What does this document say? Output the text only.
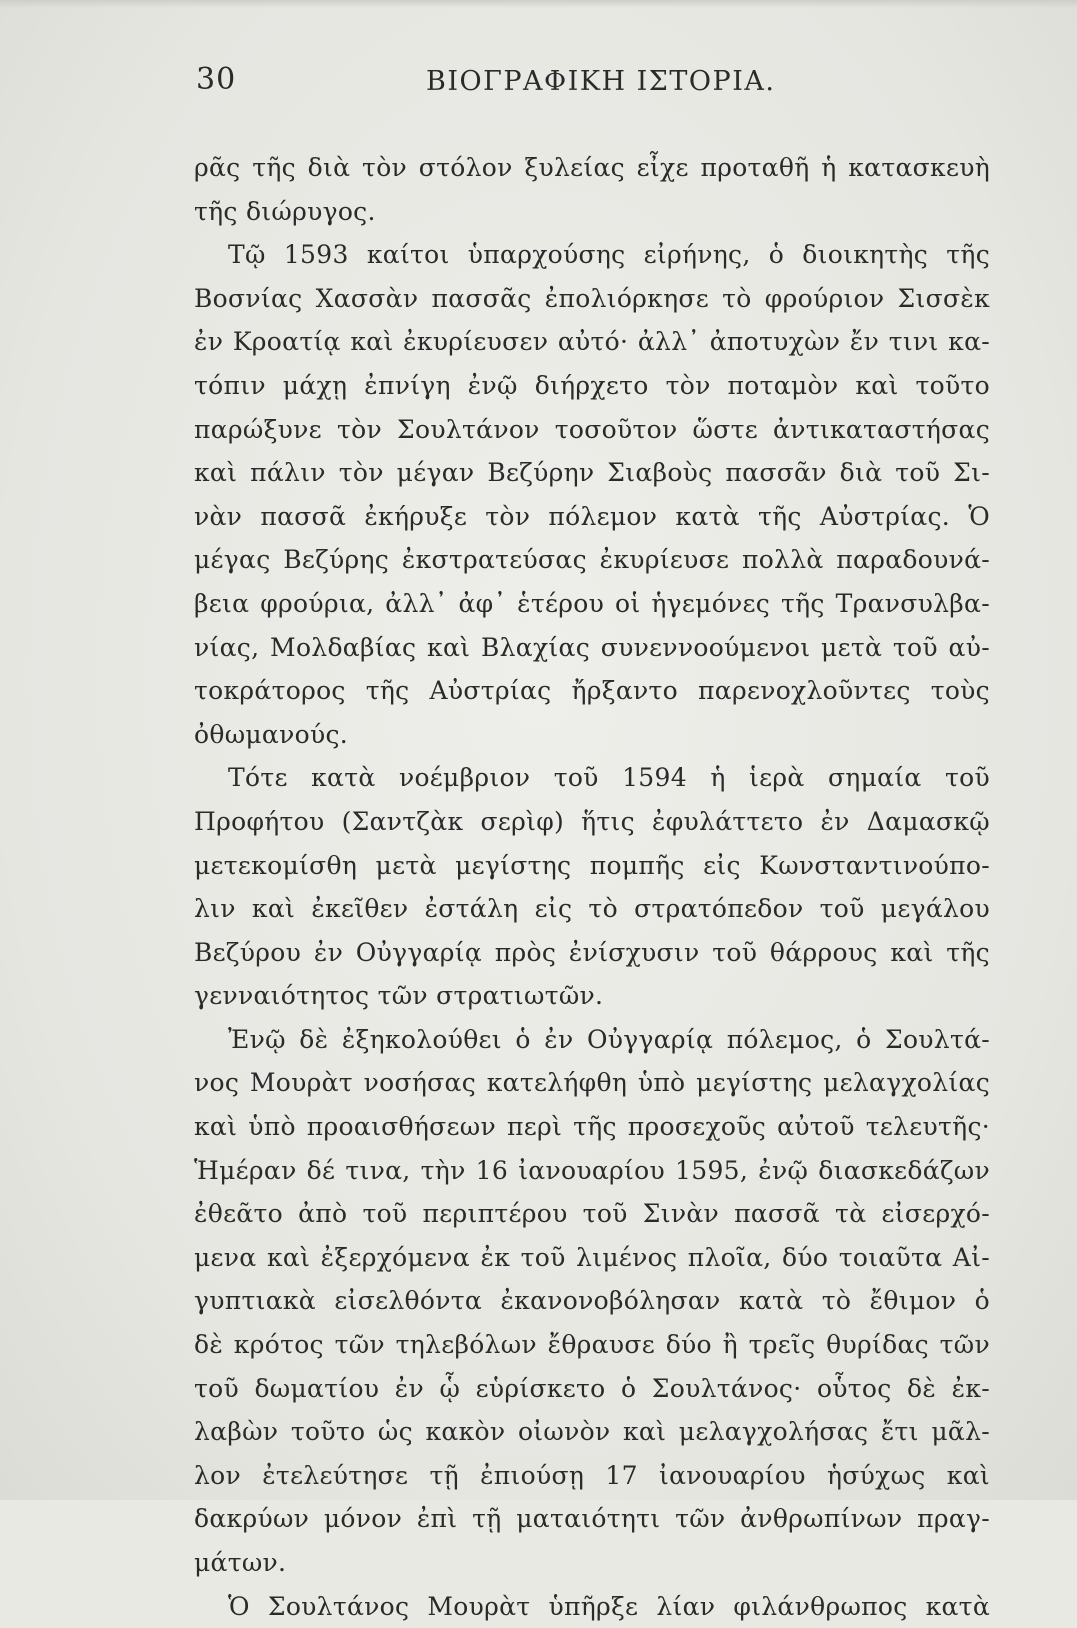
30	ΒΙΟΓΡΑΦΙΚΗ ΙΣΤΟΡΙΑ.
ρᾶς τῆς διὰ τὸν στόλον ξυλείας εἶχε προταθῆ ἡ κατασκευὴ
τῆς διώρυγος.
Τῷ 1593 καίτοι ὑπαρχούσης εἰρήνης, ὁ διοικητὴς τῆς
Βοσνίας Χασσὰν πασσᾶς ἐπολιόρκησε τὸ φρούριον Σισσὲκ
ἐν Κροατίᾳ καὶ ἐκυρίευσεν αὐτό· ἀλλ᾽ ἀποτυχὼν ἔν τινι κα-
τόπιν μάχῃ ἐπνίγη ἐνῷ διήρχετο τὸν ποταμὸν καὶ τοῦτο
παρώξυνε τὸν Σουλτάνον τοσοῦτον ὥστε ἀντικαταστήσας
καὶ πάλιν τὸν μέγαν Βεζύρην Σιαβοὺς πασσᾶν διὰ τοῦ Σι-
νὰν πασσᾶ ἐκήρυξε τὸν πόλεμον κατὰ τῆς Αὐστρίας. Ὁ
μέγας Βεζύρης ἐκστρατεύσας ἐκυρίευσε πολλὰ παραδουνά-
βεια φρούρια, ἀλλ᾽ ἀφ᾽ ἑτέρου οἱ ἡγεμόνες τῆς Τρανσυλβα-
νίας, Μολδαβίας καὶ Βλαχίας συνεννοούμενοι μετὰ τοῦ αὐ-
τοκράτορος τῆς Αὐστρίας ἤρξαντο παρενοχλοῦντες τοὺς
ὀθωμανούς.
Τότε κατὰ νοέμβριον τοῦ 1594 ἡ ἱερὰ σημαία τοῦ
Προφήτου (Σαντζὰκ σερὶφ) ἥτις ἐφυλάττετο ἐν Δαμασκῷ
μετεκομίσθη μετὰ μεγίστης πομπῆς εἰς Κωνσταντινούπο-
λιν καὶ ἐκεῖθεν ἐστάλη εἰς τὸ στρατόπεδον τοῦ μεγάλου
Βεζύρου ἐν Οὐγγαρίᾳ πρὸς ἐνίσχυσιν τοῦ θάρρους καὶ τῆς
γενναιότητος τῶν στρατιωτῶν.
Ἐνῷ δὲ ἐξηκολούθει ὁ ἐν Οὐγγαρίᾳ πόλεμος, ὁ Σουλτά-
νος Μουρὰτ νοσήσας κατελήφθη ὑπὸ μεγίστης μελαγχολίας
καὶ ὑπὸ προαισθήσεων περὶ τῆς προσεχοῦς αὐτοῦ τελευτῆς·
Ἡμέραν δέ τινα, τὴν 16 ἰανουαρίου 1595, ἐνῷ διασκεδάζων
ἐθεᾶτο ἀπὸ τοῦ περιπτέρου τοῦ Σινὰν πασσᾶ τὰ εἰσερχό-
μενα καὶ ἐξερχόμενα ἐκ τοῦ λιμένος πλοῖα, δύο τοιαῦτα Αἰ-
γυπτιακὰ εἰσελθόντα ἐκανονοβόλησαν κατὰ τὸ ἔθιμον ὁ
δὲ κρότος τῶν τηλεβόλων ἔθραυσε δύο ἢ τρεῖς θυρίδας τῶν
τοῦ δωματίου ἐν ᾧ εὑρίσκετο ὁ Σουλτάνος· οὗτος δὲ ἐκ-
λαβὼν τοῦτο ὡς κακὸν οἰωνὸν καὶ μελαγχολήσας ἔτι μᾶλ-
λον ἐτελεύτησε τῇ ἐπιούσῃ 17 ἰανουαρίου ἡσύχως καὶ
δακρύων μόνον ἐπὶ τῇ ματαιότητι τῶν ἀνθρωπίνων πραγ-
μάτων.
Ὁ Σουλτάνος Μουρὰτ ὑπῆρξε λίαν φιλάνθρωπος κατὰ
